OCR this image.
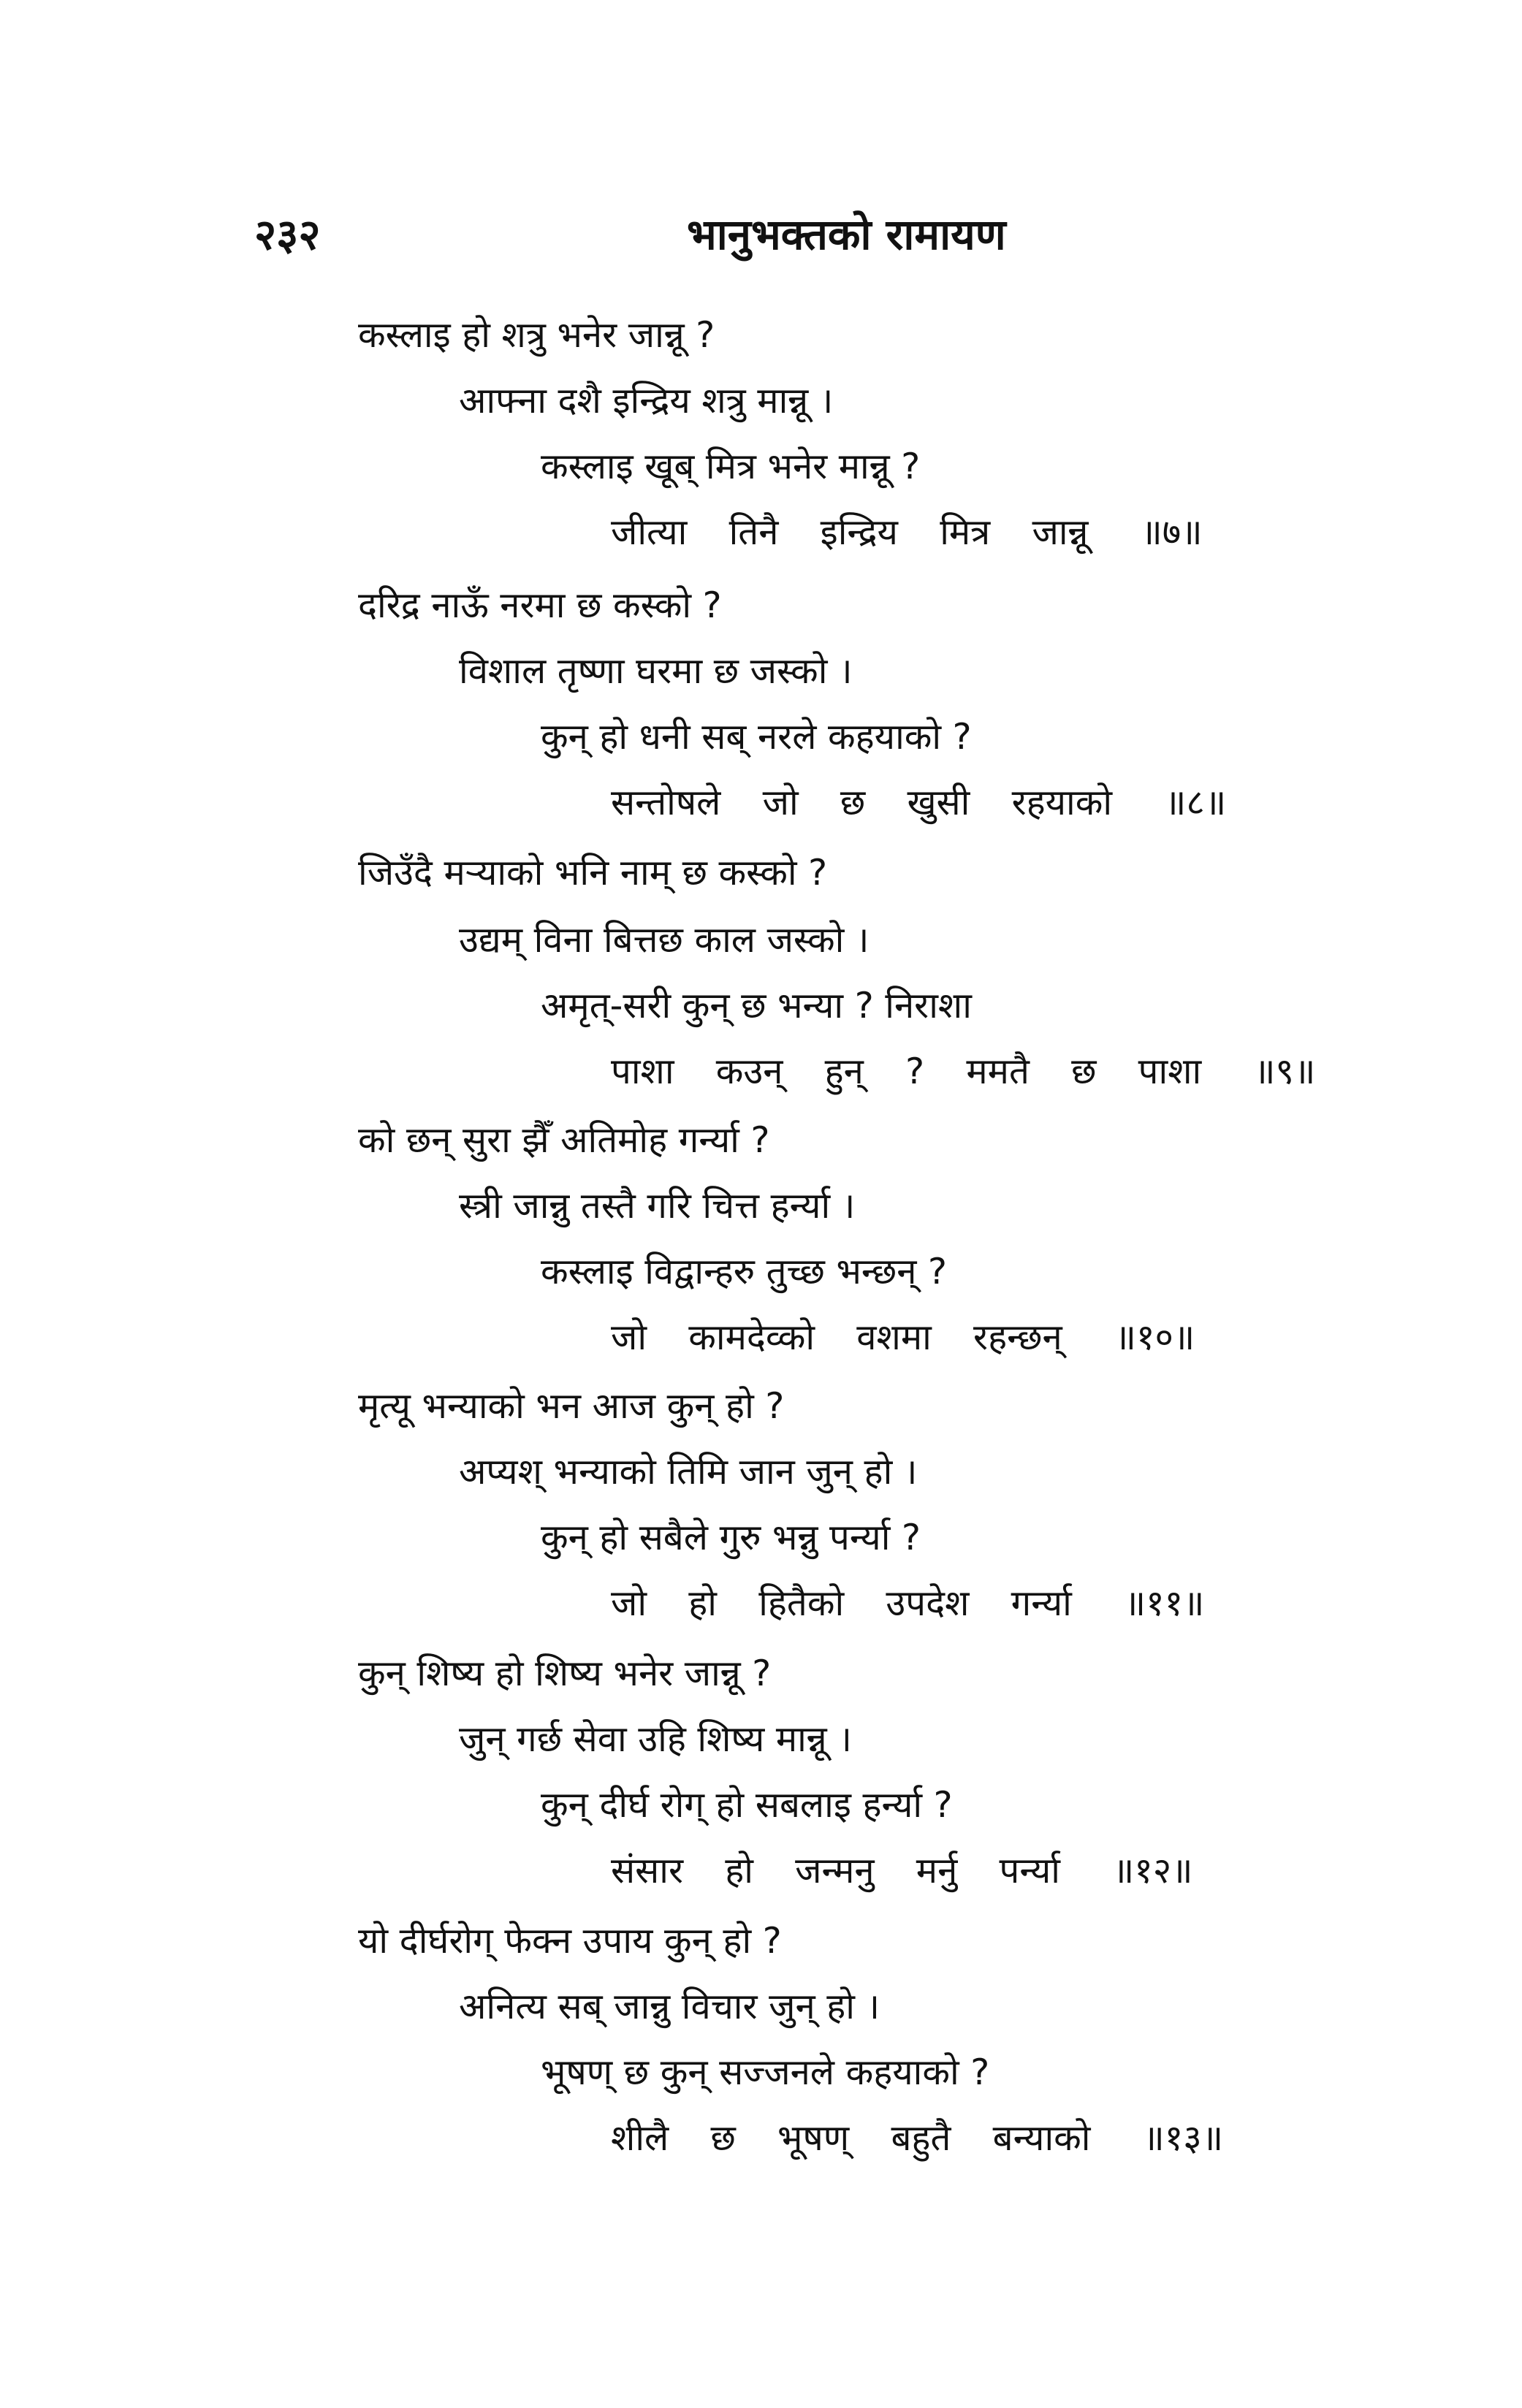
२३२	भानुभक्तको रामायण
कस्लाइ हो शत्रु भनेर जान्नू ?
आफ्ना दशै इन्द्रिय शत्रु मान्नू ।
कस्लाइ खूब् मित्र भनेर मान्नू ?
जीत्या तिनै इन्द्रिय मित्र जान्नू ॥७॥
दरिद्र नाऊँ नरमा छ कस्को ?
विशाल तृष्णा घरमा छ जस्को ।
कुन् हो धनी सब् नरले कहयाको ?
सन्तोषले जो छ खुसी रहयाको ॥८॥
जिउँदै मऱ्याको भनि नाम् छ कस्को ?
उद्यम् विना बित्तछ काल जस्को ।
अमृत्-सरी कुन् छ भन्या ? निराशा
पाशा कउन् हुन् ? ममतै छ पाशा ॥९॥
को छन् सुरा झैँ अतिमोह गर्न्या ?
स्त्री जान्नु तस्तै गरि चित्त हर्न्या ।
कस्लाइ विद्वान्हरु तुच्छ भन्छन् ?
जो कामदेव्को वशमा रहन्छन् ॥१०॥
मृत्यू भन्याको भन आज कुन् हो ?
अप्यश् भन्याको तिमि जान जुन् हो ।
कुन् हो सबैले गुरु भन्नु पर्न्या ?
जो हो हितैको उपदेश गर्न्या ॥११॥
कुन् शिष्य हो शिष्य भनेर जान्नू ?
जुन् गर्छ सेवा उहि शिष्य मान्नू ।
कुन् दीर्घ रोग् हो सबलाइ हर्न्या ?
संसार हो जन्मनु मर्नु पर्न्या ॥१२॥
यो दीर्घरोग् फेक्न उपाय कुन् हो ?
अनित्य सब् जान्नु विचार जुन् हो ।
भूषण् छ कुन् सज्जनले कहयाको ?
शीलै छ भूषण् बहुतै बन्याको ॥१३॥
